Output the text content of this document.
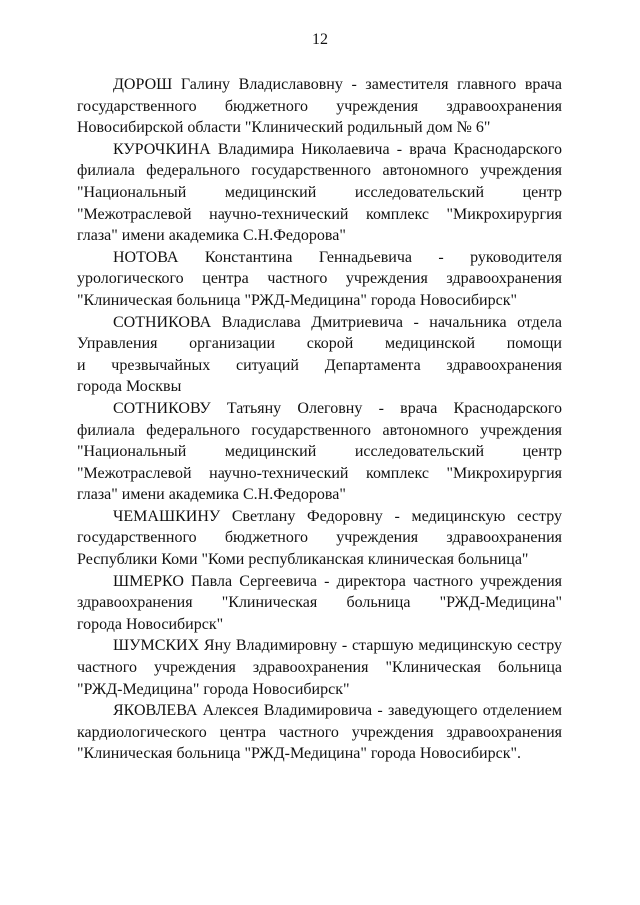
12

ДОРОШ Галину Владиславовну - заместителя главного врача
государственного бюджетного учреждения здравоохранения
Новосибирской области "Клинический родильный дом № 6"

КУРОЧКИНА Владимира Николаевича - врача Краснодарского
филиала федерального государственного автономного учреждения
"Национальный медицинский исследовательский центр
"Межотраслевой научно-технический комплекс "Микрохирургия
глаза" имени академика С.Н.Федорова"

НОТОВА Константина Геннадьевича - руководителя
урологического центра частного учреждения здравоохранения
"Клиническая больница "РЖД-Медицина" города Новосибирск"

СОТНИКОВА Владислава Дмитриевича - начальника отдела
Управления организации скорой медицинской помощи
и чрезвычайных ситуаций Департамента здравоохранения
города Москвы

СОТНИКОВУ Татьяну Олеговну - врача Краснодарского
филиала федерального государственного автономного учреждения
"Национальный медицинский исследовательский центр
"Межотраслевой научно-технический комплекс "Микрохирургия
глаза" имени академика С.Н.Федорова"

ЧЕМАШКИНУ Светлану Федоровну - медицинскую сестру
государственного бюджетного учреждения здравоохранения
Республики Коми "Коми республиканская клиническая больница"

ШМЕРКО Павла Сергеевича - директора частного учреждения
здравоохранения "Клиническая больница "РЖД-Медицина"
города Новосибирск"

ШУМСКИХ Яну Владимировну - старшую медицинскую сестру
частного учреждения здравоохранения "Клиническая больница
"РЖД-Медицина" города Новосибирск"

ЯКОВЛЕВА Алексея Владимировича - заведующего отделением
кардиологического центра частного учреждения здравоохранения
"Клиническая больница "РЖД-Медицина" города Новосибирск".
